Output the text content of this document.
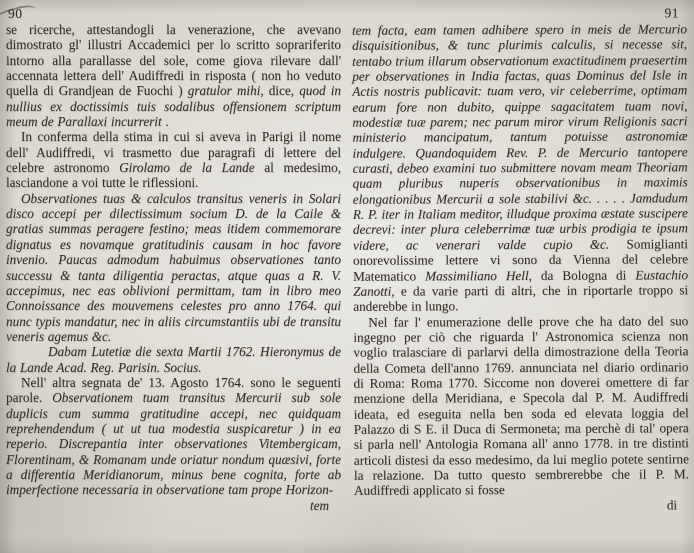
90

se ricerche, attestandogli la venerazione, che avevano dimostrato gl' illustri Accademici per lo scritto soprariferito intorno alla parallasse del sole, come giova rilevare dall' accennata lettera dell' Audiffredi in risposta ( non ho veduto quella di Grandjean de Fuochi ) gratulor mihi, dice, quod in nullius ex doctissimis tuis sodalibus offensionem scriptum meum de Parallaxi incurrerit .

In conferma della stima in cui si aveva in Parigi il nome dell' Audiffredi, vi trasmetto due paragrafi di lettere del celebre astronomo Girolamo de la Lande al medesimo, lasciandone a voi tutte le riflessioni.

Observationes tuas & calculos transitus veneris in Solari disco accepi per dilectissimum socium D. de la Caile & gratias summas peragere festino; meas itidem commemorare dignatus es novamque gratitudinis causam in hoc favore invenio. Paucas admodum habuimus observationes tanto successu & tanta diligentia peractas, atque quas a R. V. accepimus, nec eas oblivioni permittam, tam in libro meo Connoissance des mouvemens celestes pro anno 1764. qui nunc typis mandatur, nec in aliis circumstantiis ubi de transitu veneris agemus &c.

Dabam Lutetiæ die sexta Martii 1762. Hieronymus de la Lande Acad. Reg. Parisin. Socius.

Nell' altra segnata de' 13. Agosto 1764. sono le seguenti parole. Observationem tuam transitus Mercurii sub sole duplicis cum summa gratitudine accepi, nec quidquam reprehendendum ( ut ut tua modestia suspicaretur ) in ea reperio. Discrepantia inter observationes Vitembergicam, Florentinam, & Romanam unde oriatur nondum quæsivi, forte a differentia Meridianorum, minus bene cognita, forte ab imperfectione necessaria in observatione tam prope Horizon-

tem
91

tem facta, eam tamen adhibere spero in meis de Mercurio disquisitionibus, & tunc plurimis calculis, si necesse sit, tentabo trium illarum observationum exactitudinem praesertim per observationes in India factas, quas Dominus del Isle in Actis nostris publicavit: tuam vero, vir celeberrime, optimam earum fore non dubito, quippe sagacitatem tuam novi, modestiæ tuæ parem; nec parum miror virum Religionis sacri ministerio mancipatum, tantum potuisse astronomiæ indulgere. Quandoquidem Rev. P. de Mercurio tantopere curasti, debeo examini tuo submittere novam meam Theoriam quam pluribus nuperis observationibus in maximis elongationibus Mercurii a sole stabilivi &c. . . . . Jamdudum R. P. iter in Italiam meditor, illudque proxima æstate suscipere decrevi: inter plura celeberrimæ tuæ urbis prodigia te ipsum videre, ac venerari valde cupio &c. Somiglianti onorevolissime lettere vi sono da Vienna del celebre Matematico Massimiliano Hell, da Bologna di Eustachio Zanotti, e da varie parti di altri, che in riportarle troppo si anderebbe in lungo.

Nel far l' enumerazione delle prove che ha dato del suo ingegno per ciò che riguarda l' Astronomica scienza non voglio tralasciare di parlarvi della dimostrazione della Teoria della Cometa dell'anno 1769. annunciata nel diario ordinario di Roma: Roma 1770. Siccome non doverei omettere di far menzione della Meridiana, e Specola dal P. M. Audiffredi ideata, ed eseguita nella ben soda ed elevata loggia del Palazzo di S E. il Duca di Sermoneta; ma perchè di tal' opera si parla nell' Antologia Romana all' anno 1778. in tre distinti articoli distesi da esso medesimo, da lui meglio potete sentirne la relazione. Da tutto questo sembrerebbe che il P. M. Audiffredi applicato si fosse

di
